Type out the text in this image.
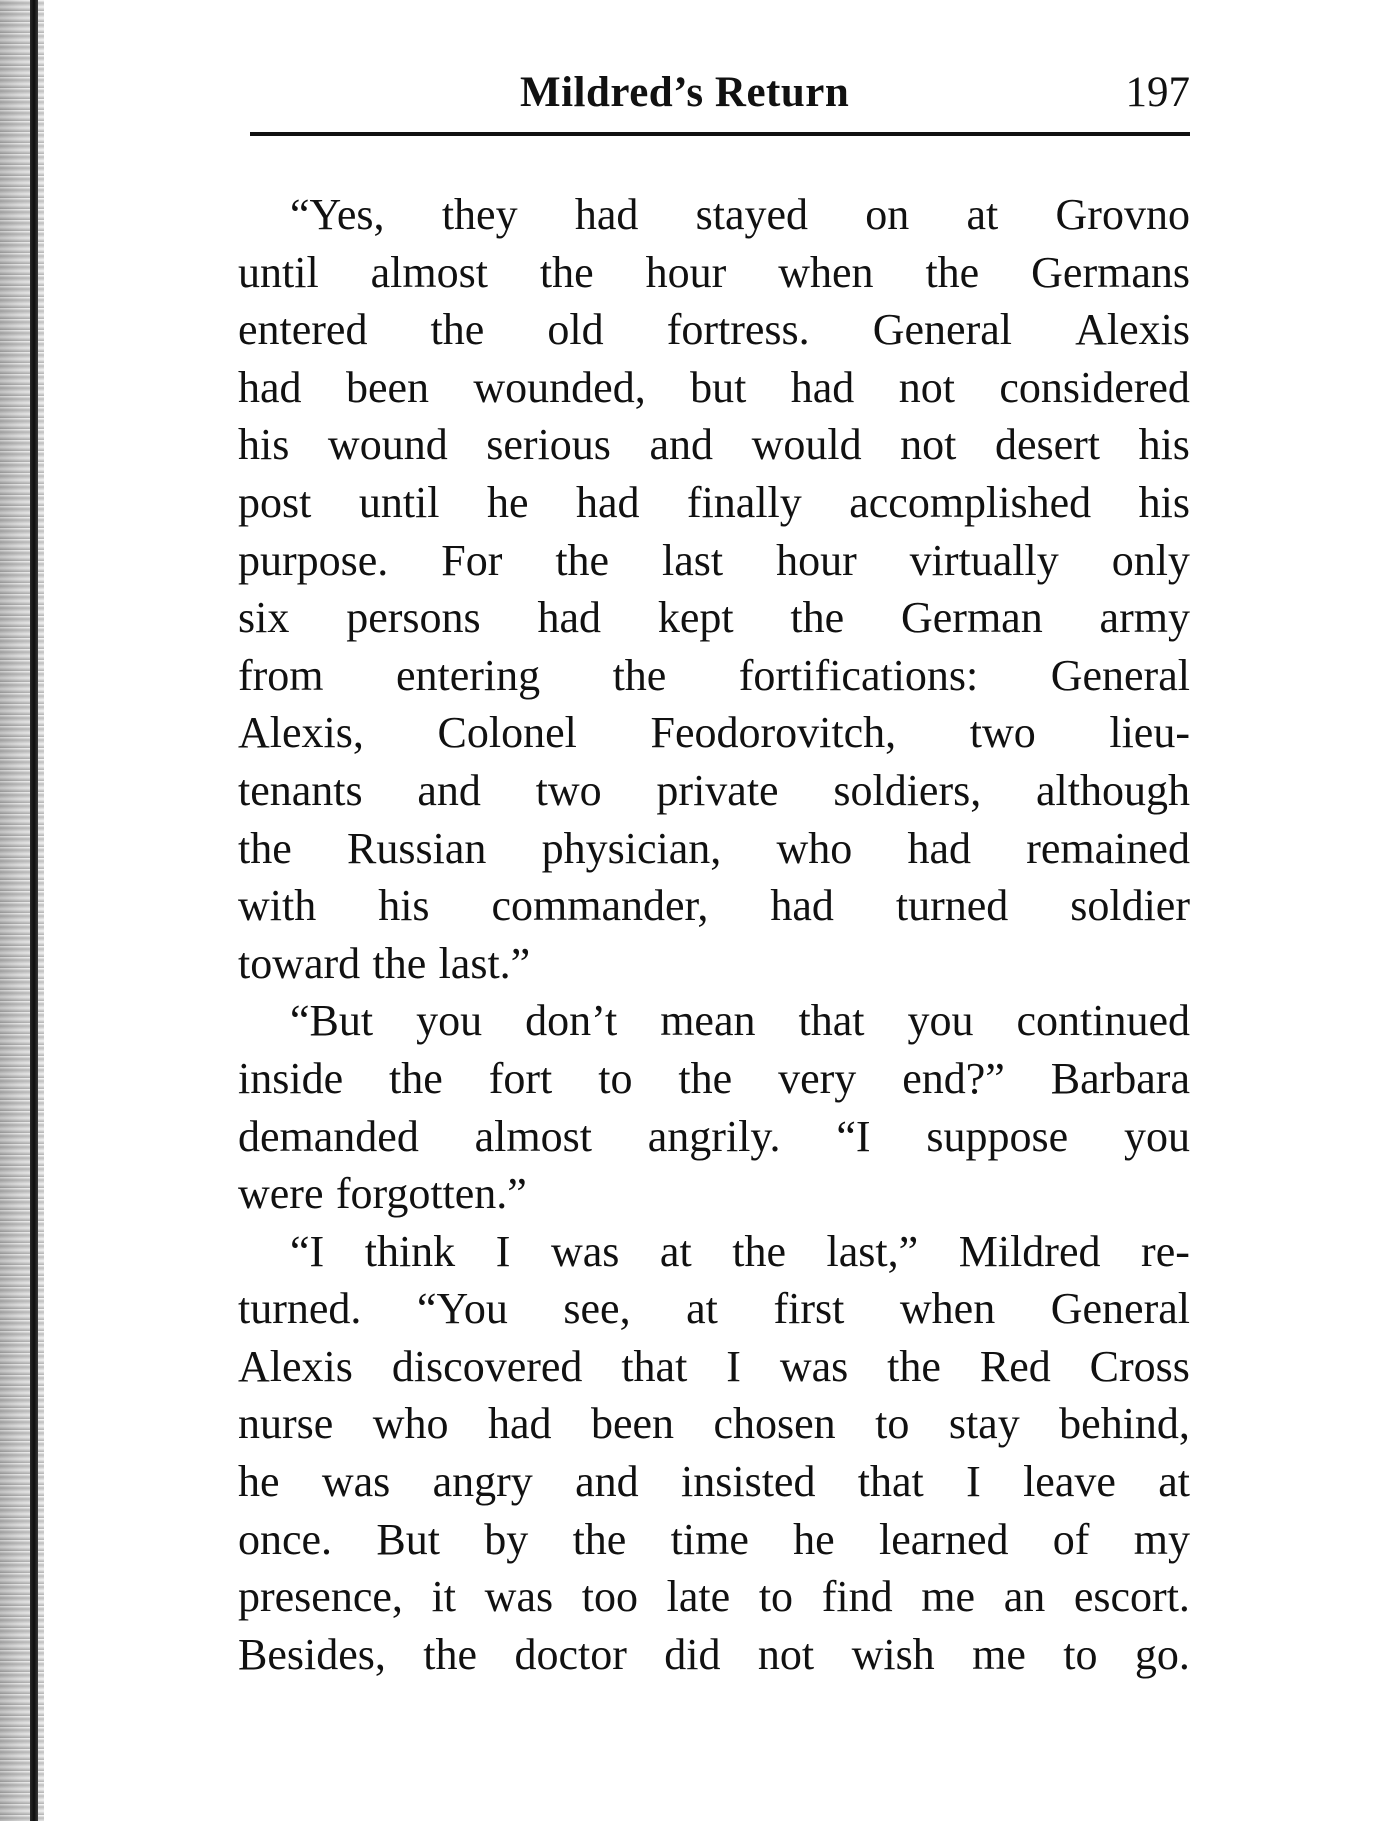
Mildred’s Return	197
“Yes, they had stayed on at Grovno
until almost the hour when the Germans
entered the old fortress. General Alexis
had been wounded, but had not considered
his wound serious and would not desert his
post until he had finally accomplished his
purpose. For the last hour virtually only
six persons had kept the German army
from entering the fortifications: General
Alexis, Colonel Feodorovitch, two lieu-
tenants and two private soldiers, although
the Russian physician, who had remained
with his commander, had turned soldier
toward the last.”
“But you don’t mean that you continued
inside the fort to the very end?” Barbara
demanded almost angrily. “I suppose you
were forgotten.”
“I think I was at the last,” Mildred re-
turned. “You see, at first when General
Alexis discovered that I was the Red Cross
nurse who had been chosen to stay behind,
he was angry and insisted that I leave at
once. But by the time he learned of my
presence, it was too late to find me an escort.
Besides, the doctor did not wish me to go.
